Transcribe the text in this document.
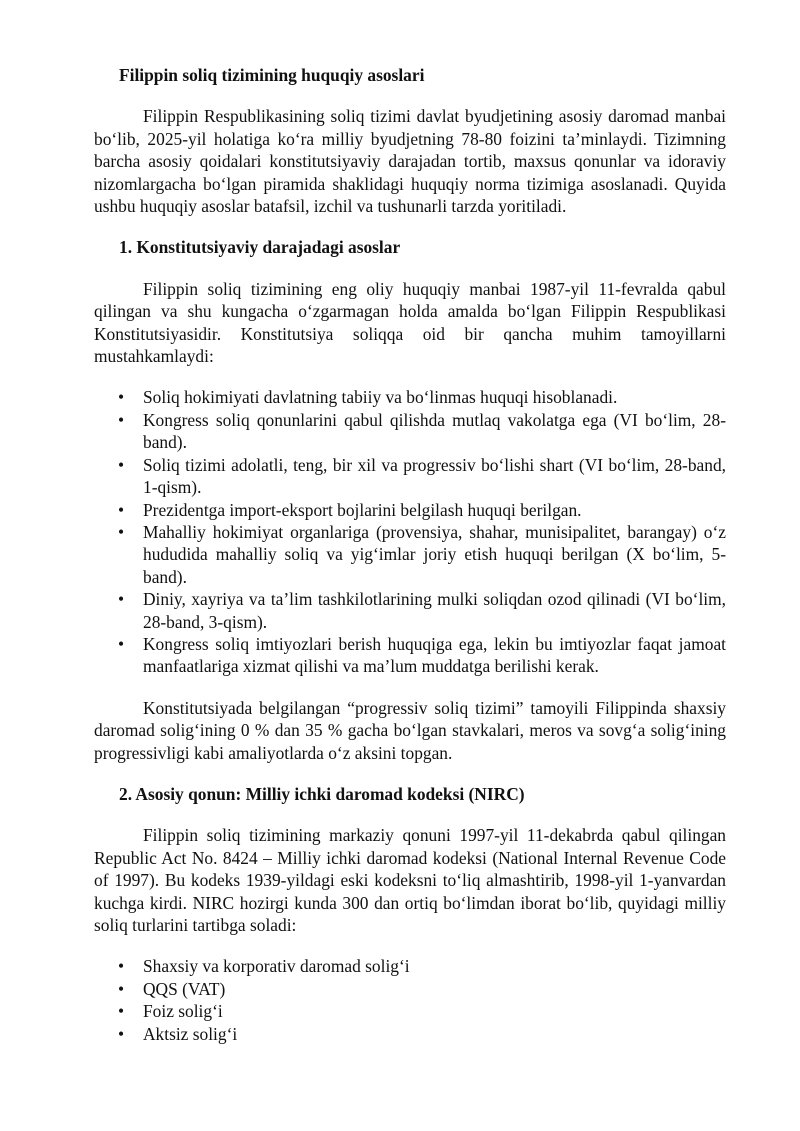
Filippin soliq tizimining huquqiy asoslari

Filippin Respublikasining soliq tizimi davlat byudjetining asosiy daromad manbai bo‘lib, 2025-yil holatiga ko‘ra milliy byudjetning 78-80 foizini ta’minlaydi. Tizimning barcha asosiy qoidalari konstitutsiyaviy darajadan tortib, maxsus qonunlar va idoraviy nizomlargacha bo‘lgan piramida shaklidagi huquqiy norma tizimiga asoslanadi. Quyida ushbu huquqiy asoslar batafsil, izchil va tushunarli tarzda yoritiladi.

1. Konstitutsiyaviy darajadagi asoslar

Filippin soliq tizimining eng oliy huquqiy manbai 1987-yil 11-fevralda qabul qilingan va shu kungacha o‘zgarmagan holda amalda bo‘lgan Filippin Respublikasi Konstitutsiyasidir. Konstitutsiya soliqqa oid bir qancha muhim tamoyillarni mustahkamlaydi:

• Soliq hokimiyati davlatning tabiiy va bo‘linmas huquqi hisoblanadi.
• Kongress soliq qonunlarini qabul qilishda mutlaq vakolatga ega (VI bo‘lim, 28-band).
• Soliq tizimi adolatli, teng, bir xil va progressiv bo‘lishi shart (VI bo‘lim, 28-band, 1-qism).
• Prezidentga import-eksport bojlarini belgilash huquqi berilgan.
• Mahalliy hokimiyat organlariga (provensiya, shahar, munisipalitet, barangay) o‘z hududida mahalliy soliq va yig‘imlar joriy etish huquqi berilgan (X bo‘lim, 5-band).
• Diniy, xayriya va ta’lim tashkilotlarining mulki soliqdan ozod qilinadi (VI bo‘lim, 28-band, 3-qism).
• Kongress soliq imtiyozlari berish huquqiga ega, lekin bu imtiyozlar faqat jamoat manfaatlariga xizmat qilishi va ma’lum muddatga berilishi kerak.

Konstitutsiyada belgilangan “progressiv soliq tizimi” tamoyili Filippinda shaxsiy daromad solig‘ining 0 % dan 35 % gacha bo‘lgan stavkalari, meros va sovg‘a solig‘ining progressivligi kabi amaliyotlarda o‘z aksini topgan.

2. Asosiy qonun: Milliy ichki daromad kodeksi (NIRC)

Filippin soliq tizimining markaziy qonuni 1997-yil 11-dekabrda qabul qilingan Republic Act No. 8424 – Milliy ichki daromad kodeksi (National Internal Revenue Code of 1997). Bu kodeks 1939-yildagi eski kodeksni to‘liq almashtirib, 1998-yil 1-yanvardan kuchga kirdi. NIRC hozirgi kunda 300 dan ortiq bo‘limdan iborat bo‘lib, quyidagi milliy soliq turlarini tartibga soladi:

• Shaxsiy va korporativ daromad solig‘i
• QQS (VAT)
• Foiz solig‘i
• Aktsiz solig‘i
